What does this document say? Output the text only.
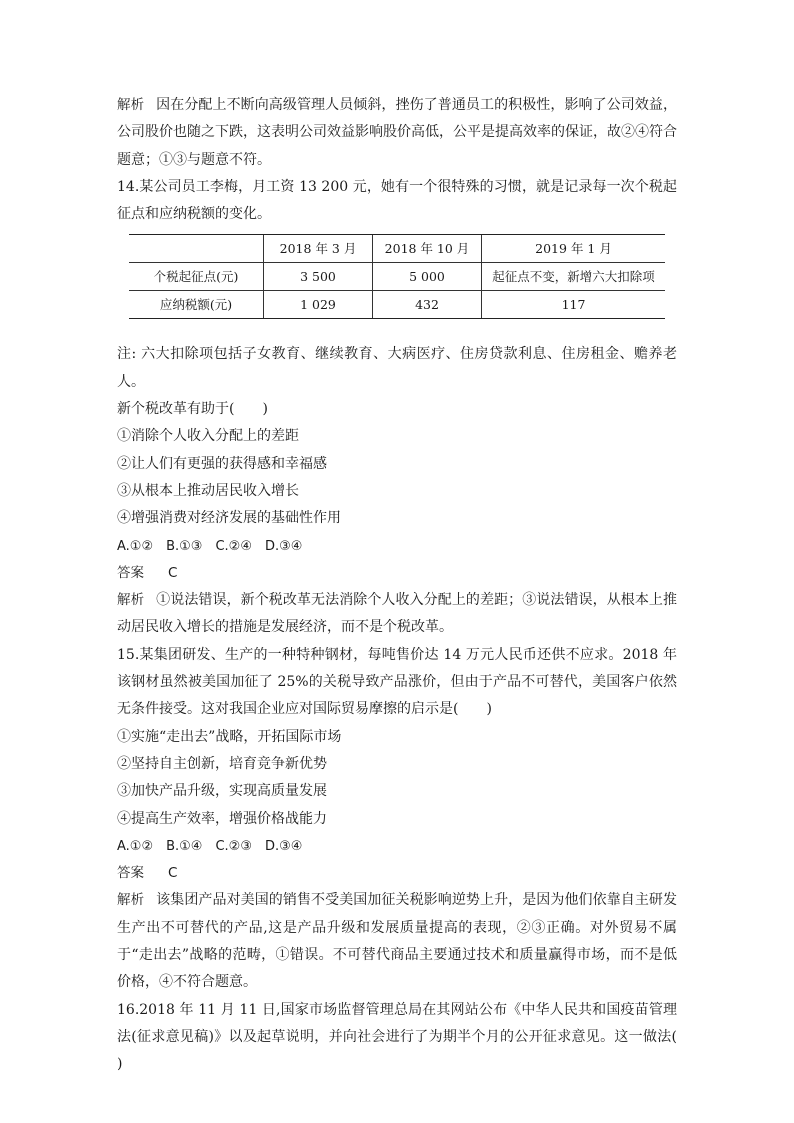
解析 因在分配上不断向高级管理人员倾斜，挫伤了普通员工的积极性，影响了公司效益，公司股价也随之下跌，这表明公司效益影响股价高低，公平是提高效率的保证，故②④符合题意；①③与题意不符。

14.某公司员工李梅，月工资 13 200 元，她有一个很特殊的习惯，就是记录每一次个税起征点和应纳税额的变化。

	2018 年 3 月	2018 年 10 月	2019 年 1 月
个税起征点(元)	3 500	5 000	起征点不变，新增六大扣除项
应纳税额(元)	1 029	432	117

注: 六大扣除项包括子女教育、继续教育、大病医疗、住房贷款利息、住房租金、赡养老人。

新个税改革有助于(　　)

①消除个人收入分配上的差距

②让人们有更强的获得感和幸福感

③从根本上推动居民收入增长

④增强消费对经济发展的基础性作用

A.①②　B.①③　C.②④　D.③④

答案 C

解析 ①说法错误，新个税改革无法消除个人收入分配上的差距；③说法错误，从根本上推动居民收入增长的措施是发展经济，而不是个税改革。

15.某集团研发、生产的一种特种钢材，每吨售价达 14 万元人民币还供不应求。2018 年该钢材虽然被美国加征了 25%的关税导致产品涨价，但由于产品不可替代，美国客户依然无条件接受。这对我国企业应对国际贸易摩擦的启示是(　　)

①实施“走出去”战略，开拓国际市场

②坚持自主创新，培育竞争新优势

③加快产品升级，实现高质量发展

④提高生产效率，增强价格战能力

A.①②　B.①④　C.②③　D.③④

答案 C

解析 该集团产品对美国的销售不受美国加征关税影响逆势上升，是因为他们依靠自主研发生产出不可替代的产品,这是产品升级和发展质量提高的表现，②③正确。对外贸易不属于“走出去”战略的范畴，①错误。不可替代商品主要通过技术和质量赢得市场，而不是低价格，④不符合题意。

16.2018 年 11 月 11 日,国家市场监督管理总局在其网站公布《中华人民共和国疫苗管理法(征求意见稿)》以及起草说明，并向社会进行了为期半个月的公开征求意见。这一做法(　　)
